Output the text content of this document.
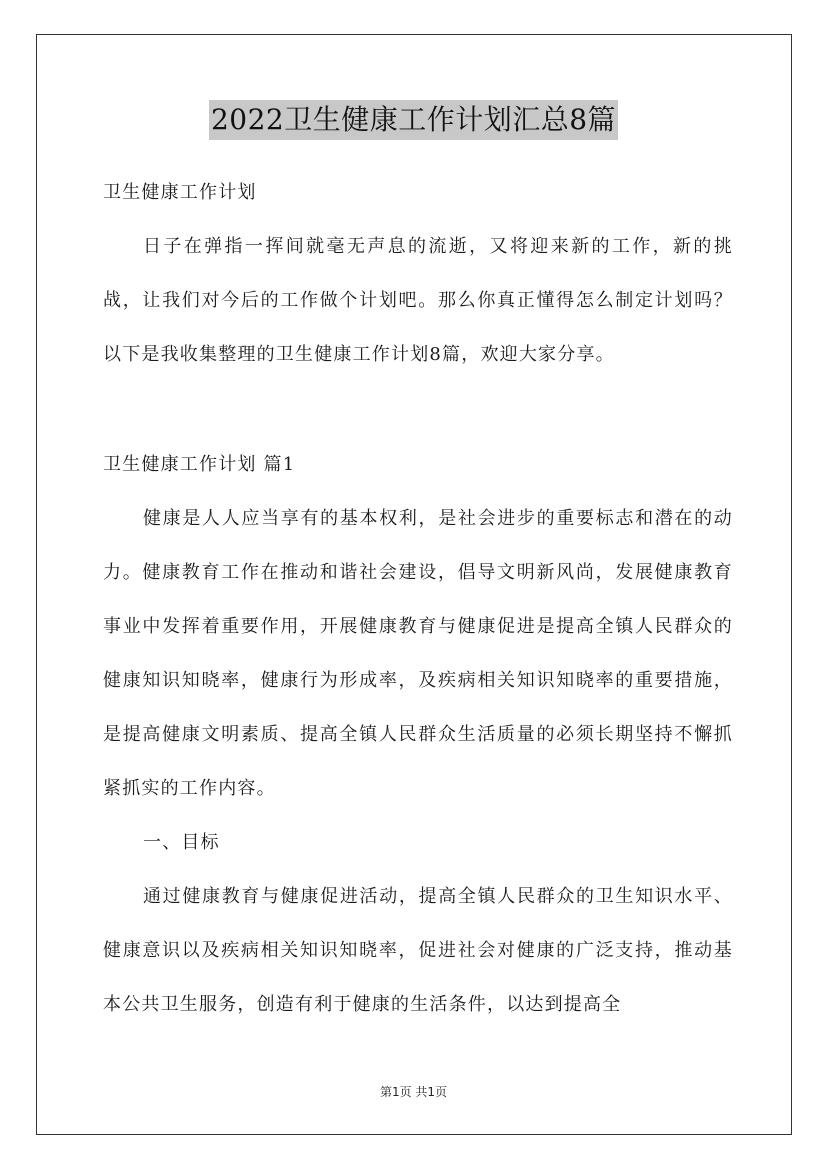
2022卫生健康工作计划汇总8篇

卫生健康工作计划

日子在弹指一挥间就毫无声息的流逝，又将迎来新的工作，新的挑战，让我们对今后的工作做个计划吧。那么你真正懂得怎么制定计划吗？以下是我收集整理的卫生健康工作计划8篇，欢迎大家分享。

卫生健康工作计划 篇1

健康是人人应当享有的基本权利，是社会进步的重要标志和潜在的动力。健康教育工作在推动和谐社会建设，倡导文明新风尚，发展健康教育事业中发挥着重要作用，开展健康教育与健康促进是提高全镇人民群众的健康知识知晓率，健康行为形成率，及疾病相关知识知晓率的重要措施，是提高健康文明素质、提高全镇人民群众生活质量的必须长期坚持不懈抓紧抓实的工作内容。

一、目标

通过健康教育与健康促进活动，提高全镇人民群众的卫生知识水平、健康意识以及疾病相关知识知晓率，促进社会对健康的广泛支持，推动基本公共卫生服务，创造有利于健康的生活条件，以达到提高全

第1页 共1页
